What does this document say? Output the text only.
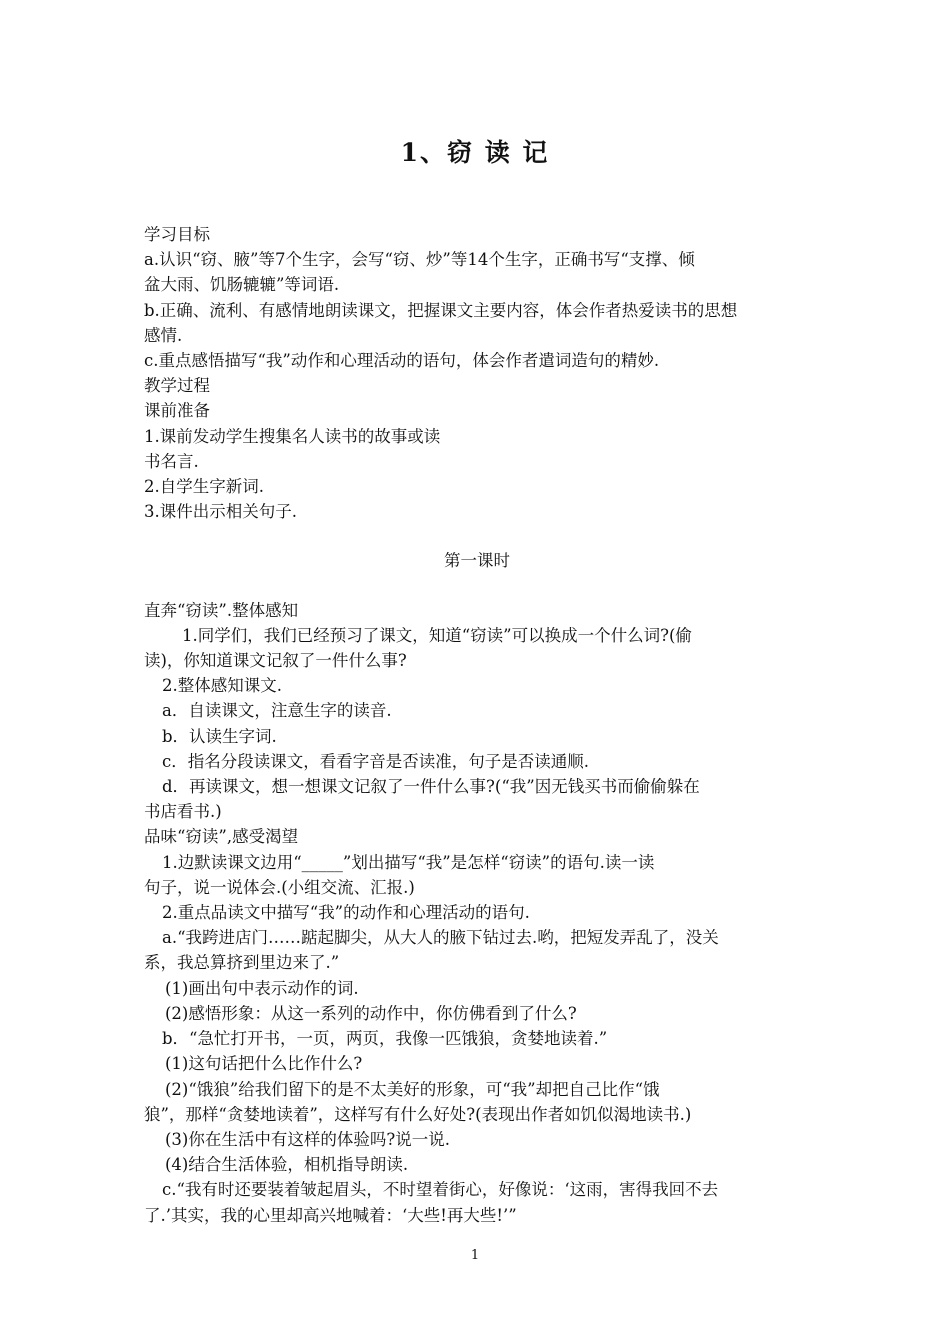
1、窃 读 记
学习目标
a.认识“窃、腋”等7个生字，会写“窃、炒”等14个生字，正确书写“支撑、倾
盆大雨、饥肠辘辘”等词语.
b.正确、流利、有感情地朗读课文，把握课文主要内容，体会作者热爱读书的思想
感情.
c.重点感悟描写“我”动作和心理活动的语句，体会作者遣词造句的精妙.
教学过程
课前准备
1.课前发动学生搜集名人读书的故事或读
书名言.
2.自学生字新词.
3.课件出示相关句子.
第一课时
直奔“窃读”.整体感知
1.同学们，我们已经预习了课文，知道“窃读”可以换成一个什么词?(偷
读)，你知道课文记叙了一件什么事?
2.整体感知课文.
a．自读课文，注意生字的读音.
b．认读生字词.
c．指名分段读课文，看看字音是否读准，句子是否读通顺.
d．再读课文，想一想课文记叙了一件什么事?(“我”因无钱买书而偷偷躲在
书店看书.)
品味“窃读”,感受渴望
1.边默读课文边用“_____”划出描写“我”是怎样“窃读”的语句.读一读
句子，说一说体会.(小组交流、汇报.)
2.重点品读文中描写“我”的动作和心理活动的语句.
a.“我跨进店门……踮起脚尖，从大人的腋下钻过去.哟，把短发弄乱了，没关
系，我总算挤到里边来了.”
(1)画出句中表示动作的词.
(2)感悟形象：从这一系列的动作中，你仿佛看到了什么?
b．“急忙打开书，一页，两页，我像一匹饿狼，贪婪地读着.”
(1)这句话把什么比作什么?
(2)“饿狼”给我们留下的是不太美好的形象，可“我”却把自己比作“饿
狼”，那样“贪婪地读着”，这样写有什么好处?(表现出作者如饥似渴地读书.)
(3)你在生活中有这样的体验吗?说一说.
(4)结合生活体验，相机指导朗读.
c.“我有时还要装着皱起眉头，不时望着街心，好像说：‘这雨，害得我回不去
了.’其实，我的心里却高兴地喊着：‘大些!再大些!’”
1
